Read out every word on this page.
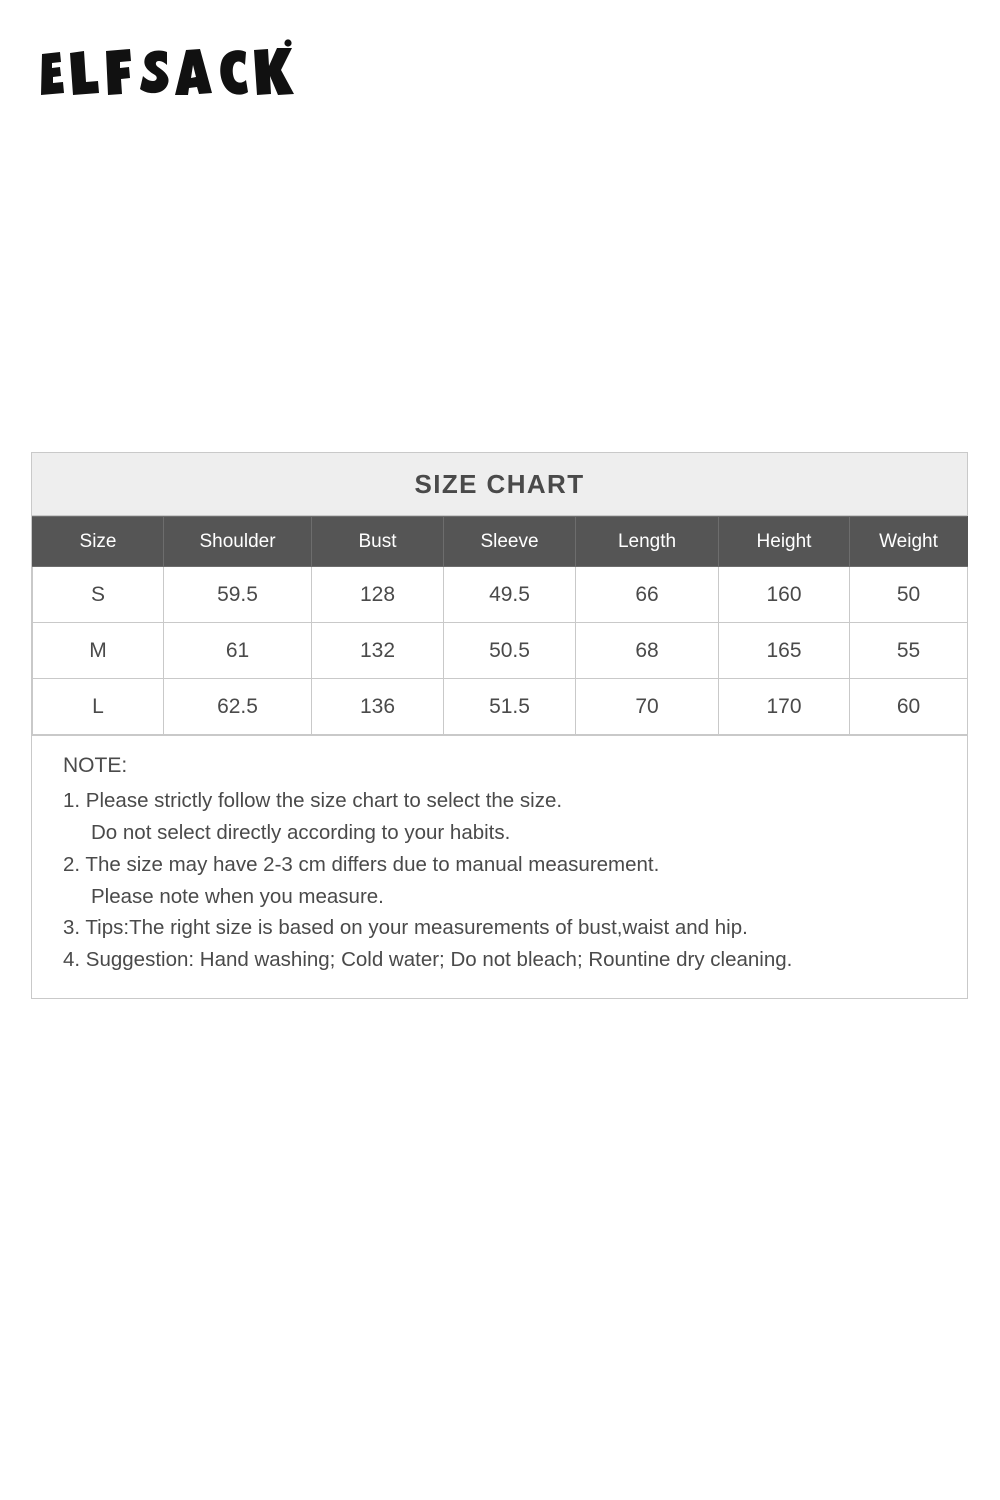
SIZE CHART
Size	Shoulder	Bust	Sleeve	Length	Height	Weight
S	59.5	128	49.5	66	160	50
M	61	132	50.5	68	165	55
L	62.5	136	51.5	70	170	60
NOTE:
1. Please strictly follow the size chart to select the size.
Do not select directly according to your habits.
2. The size may have 2-3 cm differs due to manual measurement.
Please note when you measure.
3. Tips:The right size is based on your measurements of bust,waist and hip.
4. Suggestion: Hand washing; Cold water; Do not bleach; Rountine dry cleaning.
